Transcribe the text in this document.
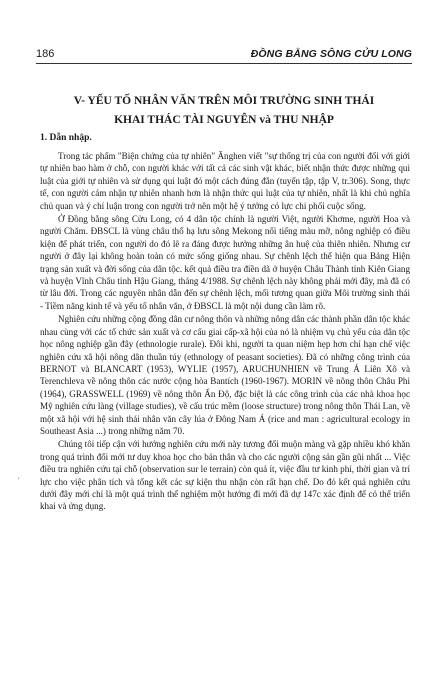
186	ĐỒNG BẰNG SÔNG CỬU LONG
V- YẾU TỐ NHÂN VĂN TRÊN MÔI TRƯỜNG SINH THÁI
KHAI THÁC TÀI NGUYÊN và THU NHẬP
1. Dẫn nhập.

Trong tác phẩm "Biện chứng của tự nhiên" Ănghen viết "sự thống trị của con người đối với giới tự nhiên bao hàm ở chỗ, con người khác với tất cả các sinh vật khác, biết nhận thức được những qui luật của giới tự nhiên và sử dụng qui luật đó một cách đúng đắn (tuyển tập, tập V, tr.306). Song, thực tế, con người cảm nhận tự nhiên nhanh hơn là nhận thức qui luật của tự nhiên, nhất là khi chủ nghĩa chủ quan và ý chí luận trong con người trở nên một hệ ý tưởng có lực chi phối cuộc sống.

Ở Đồng bằng sông Cửu Long, có 4 dân tộc chính là người Việt, người Khơme, người Hoa và người Chăm. ĐBSCL là vùng châu thổ hạ lưu sông Mekong nổi tiếng màu mỡ, nông nghiệp có điều kiện để phát triển, con người do đó lẽ ra đáng được hưởng những ân huệ của thiên nhiên. Nhưng cư người ở đây lại không hoàn toàn có mức sống giống nhau. Sự chênh lệch thể hiện qua Bảng Hiện trạng sản xuất và đời sống của dân tộc. kết quả điều tra điền dã ở huyện Châu Thành tỉnh Kiên Giang và huyện Vĩnh Châu tỉnh Hậu Giang, tháng 4/1988. Sự chênh lệch này không phải mới đây, mà đã có từ lâu đời. Trong các nguyên nhân dẫn đến sự chênh lệch, mối tương quan giữa Môi trường sinh thái - Tiềm năng kinh tế và yếu tố nhân văn, ở ĐBSCL là một nội dung cần làm rõ.

Nghiên cứu những cộng đồng dân cư nông thôn và những nông dân các thành phần dân tộc khác nhau cùng với các tổ chức sản xuất và cơ cấu giai cấp-xã hội của nó là nhiệm vụ chủ yếu của dân tộc học nông nghiệp gần đây (ethnologie rurale). Đôi khi, người ta quan niệm hẹp hơn chỉ hạn chế việc nghiên cứu xã hội nông dân thuần túy (ethnology of peasant societies). Đã có những công trình của BERNOT và BLANCART (1953), WYLIE (1957), ARUCHUNHIEN về Trung Á Liên Xô và Terenchleva về nông thôn các nước cộng hòa Bantích (1960-1967). MORIN về nông thôn Châu Phi (1964), GRASSWELL (1969) về nông thôn Ấn Độ, đặc biệt là các công trình của các nhà khoa học Mỹ nghiên cứu làng (village studies), về cấu trúc mềm (loose structure) trong nông thôn Thái Lan, về một xã hội với hệ sinh thái nhân văn cây lúa ở Đông Nam Á (rice and man : agricultural ecology in Southeast Asia ...) trong những năm 70.

Chúng tôi tiếp cận với hướng nghiên cứu mới này tương đối muộn màng và gặp nhiều khó khăn trong quá trình đổi mới tư duy khoa học cho bản thân và cho các người cộng sản gần gũi nhất ... Việc điều tra nghiên cứu tại chỗ (observation sur le terrain) còn quá ít, việc đầu tư kinh phí, thời gian và trí lực cho việc phân tích và tổng kết các sự kiện thu nhận còn rất hạn chế. Do đó kết quả nghiên cứu dưới đây mới chỉ là một quá trình thể nghiệm một hướng đi mới đã dự 147c xác định để có thể triển khai và ứng dụng.

ʹ
